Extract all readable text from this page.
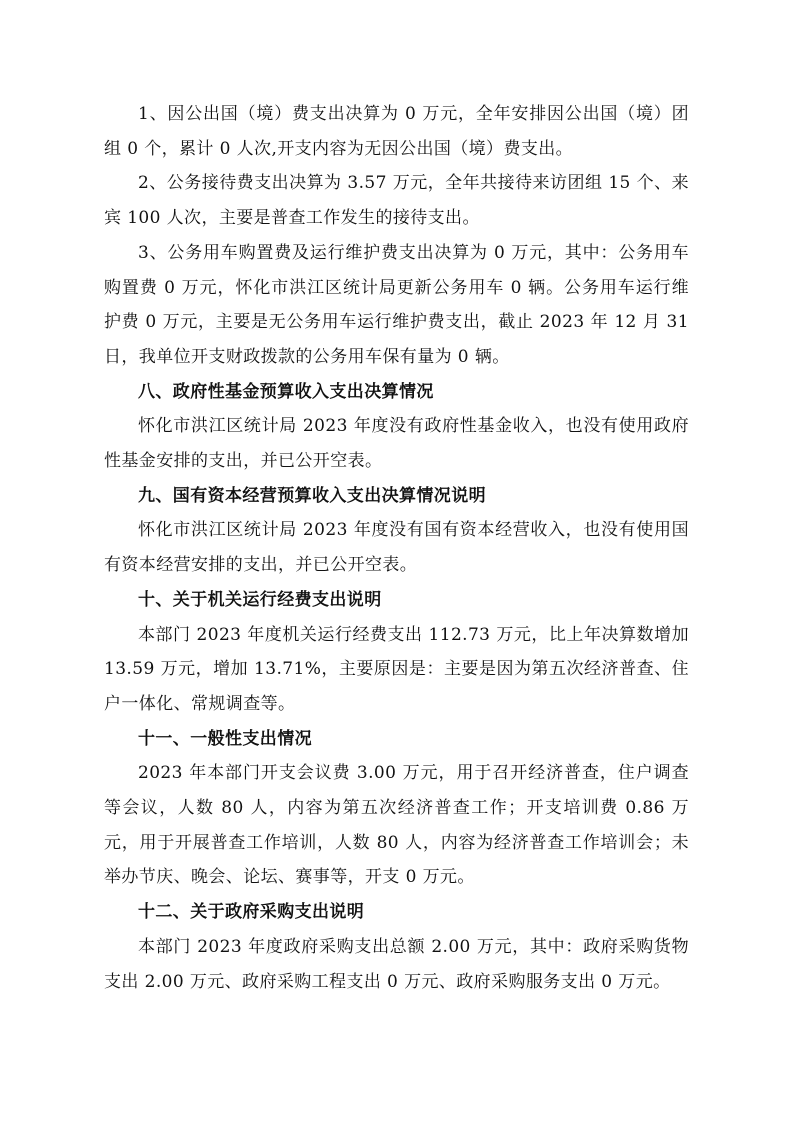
1、因公出国（境）费支出决算为 0 万元，全年安排因公出国（境）团组 0 个，累计 0 人次,开支内容为无因公出国（境）费支出。

2、公务接待费支出决算为 3.57 万元，全年共接待来访团组 15 个、来宾 100 人次，主要是普查工作发生的接待支出。

3、公务用车购置费及运行维护费支出决算为 0 万元，其中：公务用车购置费 0 万元，怀化市洪江区统计局更新公务用车 0 辆。公务用车运行维护费 0 万元，主要是无公务用车运行维护费支出，截止 2023 年 12 月 31 日，我单位开支财政拨款的公务用车保有量为 0 辆。

八、政府性基金预算收入支出决算情况

怀化市洪江区统计局 2023 年度没有政府性基金收入，也没有使用政府性基金安排的支出，并已公开空表。

九、国有资本经营预算收入支出决算情况说明

怀化市洪江区统计局 2023 年度没有国有资本经营收入，也没有使用国有资本经营安排的支出，并已公开空表。

十、关于机关运行经费支出说明

本部门 2023 年度机关运行经费支出 112.73 万元，比上年决算数增加 13.59 万元，增加 13.71%，主要原因是：主要是因为第五次经济普查、住户一体化、常规调查等。

十一、一般性支出情况

2023 年本部门开支会议费 3.00 万元，用于召开经济普查，住户调查等会议，人数 80 人，内容为第五次经济普查工作；开支培训费 0.86 万元，用于开展普查工作培训，人数 80 人，内容为经济普查工作培训会；未举办节庆、晚会、论坛、赛事等，开支 0 万元。

十二、关于政府采购支出说明

本部门 2023 年度政府采购支出总额 2.00 万元，其中：政府采购货物支出 2.00 万元、政府采购工程支出 0 万元、政府采购服务支出 0 万元。
